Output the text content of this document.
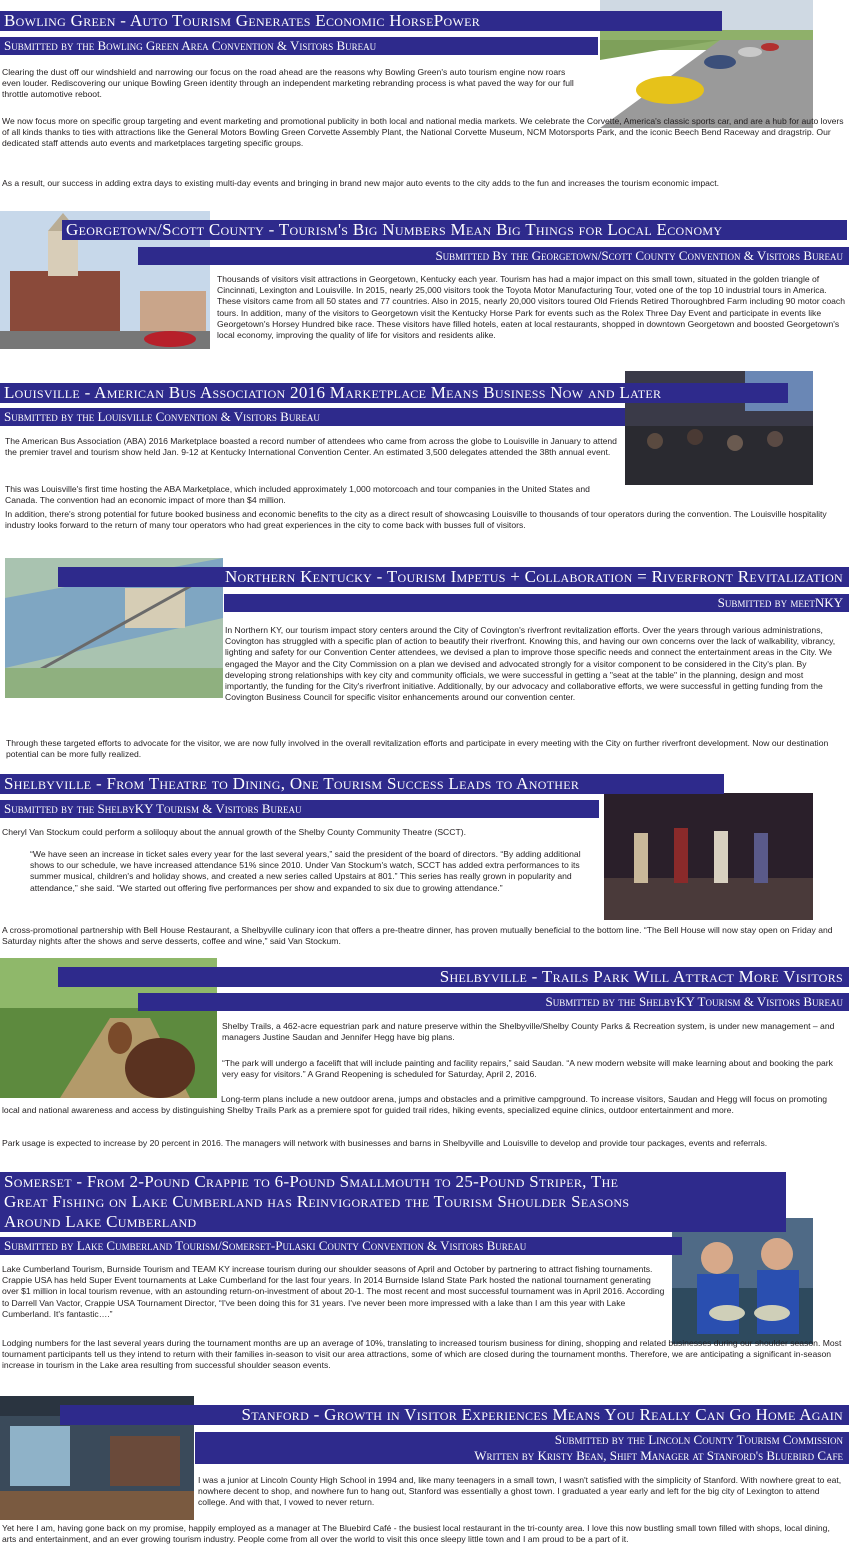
Bowling Green - Auto Tourism Generates Economic HorsePower
Submitted by the Bowling Green Area Convention & Visitors Bureau

Clearing the dust off our windshield and narrowing our focus on the road ahead are the reasons why Bowling Green's auto tourism engine now roars even louder. Rediscovering our unique Bowling Green identity through an independent marketing rebranding process is what paved the way for our full throttle automotive reboot.

We now focus more on specific group targeting and event marketing and promotional publicity in both local and national media markets. We celebrate the Corvette, America's classic sports car, and are a hub for auto lovers of all kinds thanks to ties with attractions like the General Motors Bowling Green Corvette Assembly Plant, the National Corvette Museum, NCM Motorsports Park, and the iconic Beech Bend Raceway and dragstrip. Our dedicated staff attends auto events and marketplaces targeting specific groups.

As a result, our success in adding extra days to existing multi-day events and bringing in brand new major auto events to the city adds to the fun and increases the tourism economic impact.

Georgetown/Scott County - Tourism's Big Numbers Mean Big Things for Local Economy
Submitted By the Georgetown/Scott County Convention & Visitors Bureau

Thousands of visitors visit attractions in Georgetown, Kentucky each year. Tourism has had a major impact on this small town, situated in the golden triangle of Cincinnati, Lexington and Louisville. In 2015, nearly 25,000 visitors took the Toyota Motor Manufacturing Tour, voted one of the top 10 industrial tours in America. These visitors came from all 50 states and 77 countries. Also in 2015, nearly 20,000 visitors toured Old Friends Retired Thoroughbred Farm including 90 motor coach tours. In addition, many of the visitors to Georgetown visit the Kentucky Horse Park for events such as the Rolex Three Day Event and participate in events like Georgetown's Horsey Hundred bike race. These visitors have filled hotels, eaten at local restaurants, shopped in downtown Georgetown and boosted Georgetown's local economy, improving the quality of life for visitors and residents alike.

Louisville - American Bus Association 2016 Marketplace Means Business Now and Later
Submitted by the Louisville Convention & Visitors Bureau

The American Bus Association (ABA) 2016 Marketplace boasted a record number of attendees who came from across the globe to Louisville in January to attend the premier travel and tourism show held Jan. 9-12 at Kentucky International Convention Center. An estimated 3,500 delegates attended the 38th annual event.

This was Louisville's first time hosting the ABA Marketplace, which included approximately 1,000 motorcoach and tour companies in the United States and Canada. The convention had an economic impact of more than $4 million.

In addition, there's strong potential for future booked business and economic benefits to the city as a direct result of showcasing Louisville to thousands of tour operators during the convention. The Louisville hospitality industry looks forward to the return of many tour operators who had great experiences in the city to come back with busses full of visitors.

Northern Kentucky - Tourism Impetus + Collaboration = Riverfront Revitalization
Submitted by meetNKY

In Northern KY, our tourism impact story centers around the City of Covington's riverfront revitalization efforts. Over the years through various administrations, Covington has struggled with a specific plan of action to beautify their riverfront. Knowing this, and having our own concerns over the lack of walkability, vibrancy, lighting and safety for our Convention Center attendees, we devised a plan to improve those specific needs and connect the entertainment areas in the City. We engaged the Mayor and the City Commission on a plan we devised and advocated strongly for a visitor component to be considered in the City's plan. By developing strong relationships with key city and community officials, we were successful in getting a "seat at the table" in the planning, design and most importantly, the funding for the City's riverfront initiative. Additionally, by our advocacy and collaborative efforts, we were successful in getting funding from the Covington Business Council for specific visitor enhancements around our convention center.

Through these targeted efforts to advocate for the visitor, we are now fully involved in the overall revitalization efforts and participate in every meeting with the City on further riverfront development. Now our destination potential can be more fully realized.

Shelbyville - From Theatre to Dining, One Tourism Success Leads to Another
Submitted by the ShelbyKY Tourism & Visitors Bureau

Cheryl Van Stockum could perform a soliloquy about the annual growth of the Shelby County Community Theatre (SCCT).

“We have seen an increase in ticket sales every year for the last several years,” said the president of the board of directors. “By adding additional shows to our schedule, we have increased attendance 51% since 2010. Under Van Stockum's watch, SCCT has added extra performances to its summer musical, children's and holiday shows, and created a new series called Upstairs at 801.” This series has really grown in popularity and attendance,” she said. “We started out offering five performances per show and expanded to six due to growing attendance.”

A cross-promotional partnership with Bell House Restaurant, a Shelbyville culinary icon that offers a pre-theatre dinner, has proven mutually beneficial to the bottom line. “The Bell House will now stay open on Friday and Saturday nights after the shows and serve desserts, coffee and wine,” said Van Stockum.

Shelbyville - Trails Park Will Attract More Visitors
Submitted by the ShelbyKY Tourism & Visitors Bureau

Shelby Trails, a 462-acre equestrian park and nature preserve within the Shelbyville/Shelby County Parks & Recreation system, is under new management – and managers Justine Saudan and Jennifer Hegg have big plans.

“The park will undergo a facelift that will include painting and facility repairs,” said Saudan. “A new modern website will make learning about and booking the park very easy for visitors.” A Grand Reopening is scheduled for Saturday, April 2, 2016.

Long-term plans include a new outdoor arena, jumps and obstacles and a primitive campground. To increase visitors, Saudan and Hegg will focus on promoting local and national awareness and access by distinguishing Shelby Trails Park as a premiere spot for guided trail rides, hiking events, specialized equine clinics, outdoor entertainment and more.

Park usage is expected to increase by 20 percent in 2016. The managers will network with businesses and barns in Shelbyville and Louisville to develop and provide tour packages, events and referrals.

Somerset - From 2-Pound Crappie to 6-Pound Smallmouth to 25-Pound Striper, The
Great Fishing on Lake Cumberland has Reinvigorated the Tourism Shoulder Seasons
Around Lake Cumberland
Submitted by Lake Cumberland Tourism/Somerset-Pulaski County Convention & Visitors Bureau

Lake Cumberland Tourism, Burnside Tourism and TEAM KY increase tourism during our shoulder seasons of April and October by partnering to attract fishing tournaments. Crappie USA has held Super Event tournaments at Lake Cumberland for the last four years. In 2014 Burnside Island State Park hosted the national tournament generating over $1 million in local tourism revenue, with an astounding return-on-investment of about 20-1. The most recent and most successful tournament was in April 2016. According to Darrell Van Vactor, Crappie USA Tournament Director, “I've been doing this for 31 years. I've never been more impressed with a lake than I am this year with Lake Cumberland. It's fantastic….”

Lodging numbers for the last several years during the tournament months are up an average of 10%, translating to increased tourism business for dining, shopping and related businesses during our shoulder season. Most tournament participants tell us they intend to return with their families in-season to visit our area attractions, some of which are closed during the tournament months. Therefore, we are anticipating a significant in-season increase in tourism in the Lake area resulting from successful shoulder season events.

Stanford - Growth in Visitor Experiences Means You Really Can Go Home Again
Submitted by the Lincoln County Tourism Commission
Written by Kristy Bean, Shift Manager at Stanford's Bluebird Cafe

I was a junior at Lincoln County High School in 1994 and, like many teenagers in a small town, I wasn't satisfied with the simplicity of Stanford. With nowhere great to eat, nowhere decent to shop, and nowhere fun to hang out, Stanford was essentially a ghost town. I graduated a year early and left for the big city of Lexington to attend college. And with that, I vowed to never return.

Yet here I am, having gone back on my promise, happily employed as a manager at The Bluebird Café - the busiest local restaurant in the tri-county area. I love this now bustling small town filled with shops, local dining, arts and entertainment, and an ever growing tourism industry. People come from all over the world to visit this once sleepy little town and I am proud to be a part of it.
